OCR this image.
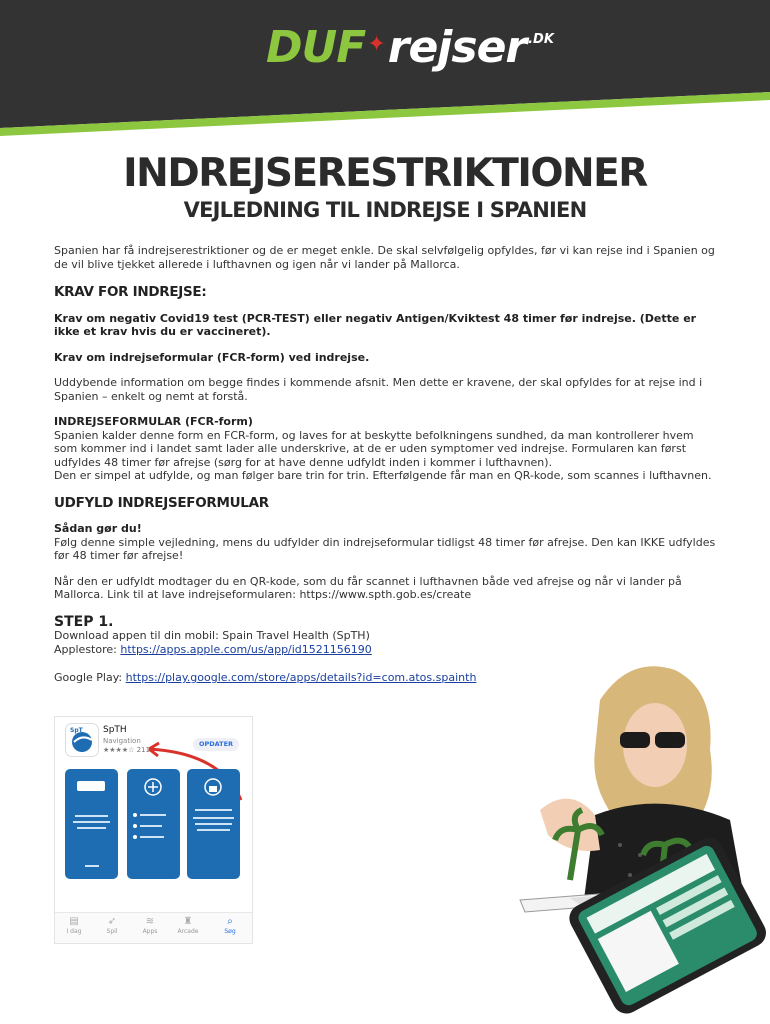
DUF ✦ rejser .DK
INDREJSERESTRIKTIONER
VEJLEDNING TIL INDREJSE I SPANIEN

Spanien har få indrejserestriktioner og de er meget enkle. De skal selvfølgelig opfyldes, før vi kan rejse ind i Spanien og de vil blive tjekket allerede i lufthavnen og igen når vi lander på Mallorca.

KRAV FOR INDREJSE:

Krav om negativ Covid19 test (PCR-TEST) eller negativ Antigen/Kviktest 48 timer før indrejse. (Dette er ikke et krav hvis du er vaccineret).

Krav om indrejseformular (FCR-form) ved indrejse.

Uddybende information om begge findes i kommende afsnit. Men dette er kravene, der skal opfyldes for at rejse ind i Spanien – enkelt og nemt at forstå.

INDREJSEFORMULAR (FCR-form)

Spanien kalder denne form en FCR-form, og laves for at beskytte befolkningens sundhed, da man kontrollerer hvem som kommer ind i landet samt lader alle underskrive, at de er uden symptomer ved indrejse. Formularen kan først udfyldes 48 timer før afrejse (sørg for at have denne udfyldt inden i kommer i lufthavnen).

Den er simpel at udfylde, og man følger bare trin for trin. Efterfølgende får man en QR-kode, som scannes i lufthavnen.

UDFYLD INDREJSEFORMULAR

Sådan gør du!

Følg denne simple vejledning, mens du udfylder din indrejseformular tidligst 48 timer før afrejse. Den kan IKKE udfyldes før 48 timer før afrejse!

Når den er udfyldt modtager du en QR-kode, som du får scannet i lufthavnen både ved afrejse og når vi lander på Mallorca. Link til at lave indrejseformularen: https://www.spth.gob.es/create

STEP 1.

Download appen til din mobil: Spain Travel Health (SpTH)

Applestore: https://apps.apple.com/us/app/id1521156190

Google Play: https://play.google.com/store/apps/details?id=com.atos.spainth

SpT SpTH
Navigation
★★★★☆ 211
OPDATER
▤
I dag
➶
Spil
≋
Apps
♜
Arcade
⌕
Søg
